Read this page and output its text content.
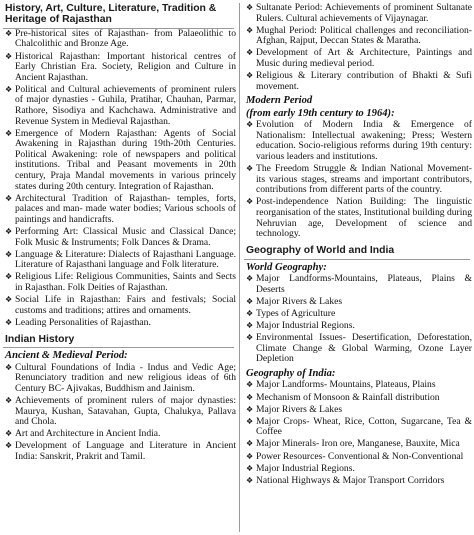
History, Art, Culture, Literature, Tradition & Heritage of Rajasthan
❖ Pre-historical sites of Rajasthan- from Palaeolithic to Chalcolithic and Bronze Age.
❖ Historical Rajasthan: Important historical centres of Early Christian Era. Society, Religion and Culture in Ancient Rajasthan.
❖ Political and Cultural achievements of prominent rulers of major dynasties - Guhila, Pratihar, Chauhan, Parmar, Rathore, Sisodiya and Kachchawa. Administrative and Revenue System in Medieval Rajasthan.
❖ Emergence of Modern Rajasthan: Agents of Social Awakening in Rajasthan during 19th-20th Centuries. Political Awakening: role of newspapers and political institutions. Tribal and Peasant movements in 20th century, Praja Mandal movements in various princely states during 20th century. Integration of Rajasthan.
❖ Architectural Tradition of Rajasthan- temples, forts, palaces and man- made water bodies; Various schools of paintings and handicrafts.
❖ Performing Art: Classical Music and Classical Dance; Folk Music & Instruments; Folk Dances & Drama.
❖ Language & Literature: Dialects of Rajasthani Language. Literature of Rajasthani language and Folk literature.
❖ Religious Life: Religious Communities, Saints and Sects in Rajasthan. Folk Deities of Rajasthan.
❖ Social Life in Rajasthan: Fairs and festivals; Social customs and traditions; attires and ornaments.
❖ Leading Personalities of Rajasthan.
Indian History
Ancient & Medieval Period:
❖ Cultural Foundations of India - Indus and Vedic Age; Renunciatory tradition and new religious ideas of 6th Century BC- Ajivakas, Buddhism and Jainism.
❖ Achievements of prominent rulers of major dynasties: Maurya, Kushan, Satavahan, Gupta, Chalukya, Pallava and Chola.
❖ Art and Architecture in Ancient India.
❖ Development of Language and Literature in Ancient India: Sanskrit, Prakrit and Tamil.
❖ Sultanate Period: Achievements of prominent Sultanate Rulers. Cultural achievements of Vijaynagar.
❖ Mughal Period: Political challenges and reconciliation-Afghan, Rajput, Deccan States & Maratha.
❖ Development of Art & Architecture, Paintings and Music during medieval period.
❖ Religious & Literary contribution of Bhakti & Sufi movement.
Modern Period
(from early 19th century to 1964):
❖ Evolution of Modern India & Emergence of Nationalism: Intellectual awakening; Press; Western education. Socio-religious reforms during 19th century: various leaders and institutions.
❖ The Freedom Struggle & Indian National Movement- its various stages, streams and important contributors, contributions from different parts of the country.
❖ Post-independence Nation Building: The linguistic reorganisation of the states, Institutional building during Nehruvian age, Development of science and technology.
Geography of World and India
World Geography:
❖ Major Landforms-Mountains, Plateaus, Plains & Deserts
❖ Major Rivers & Lakes
❖ Types of Agriculture
❖ Major Industrial Regions.
❖ Environmental Issues- Desertification, Deforestation, Climate Change & Global Warming, Ozone Layer Depletion
Geography of India:
❖ Major Landforms- Mountains, Plateaus, Plains
❖ Mechanism of Monsoon & Rainfall distribution
❖ Major Rivers & Lakes
❖ Major Crops- Wheat, Rice, Cotton, Sugarcane, Tea & Coffee
❖ Major Minerals- Iron ore, Manganese, Bauxite, Mica
❖ Power Resources- Conventional & Non-Conventional
❖ Major Industrial Regions.
❖ National Highways & Major Transport Corridors
